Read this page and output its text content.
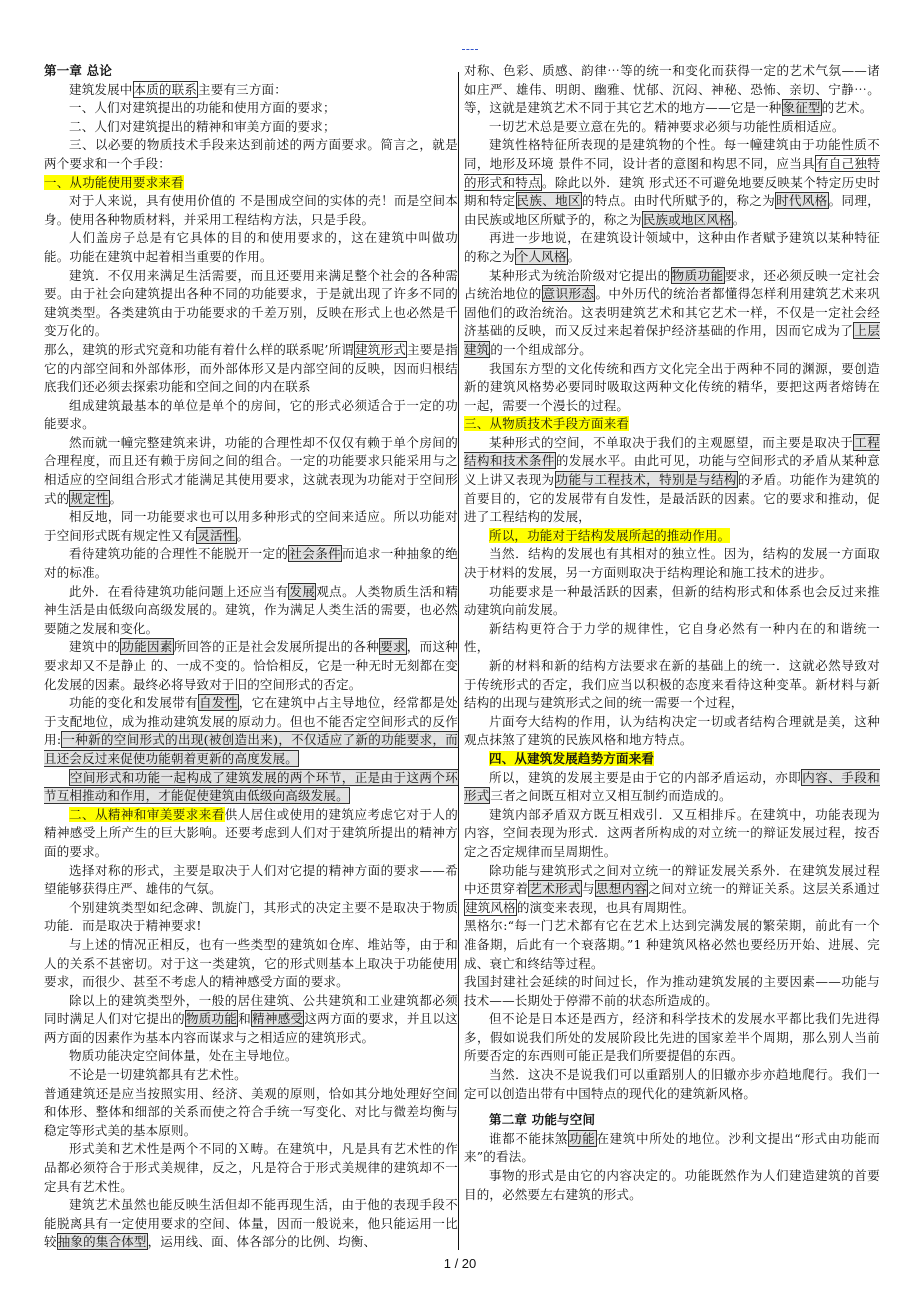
第一章 总论

建筑发展中本质的联系主要有三方面：

一、人们对建筑提出的功能和使用方面的要求；

二、人们对建筑提出的精神和审美方面的要求；

三、以必要的物质技术手段来达到前述的两方面要求。简言之，就是两个要求和一个手段：

一、从功能使用要求来看

对于人来说，具有使用价值的 不是围成空间的实体的壳！而是空间本身。使用各种物质材料，并采用工程结构方法，只是手段。

人们盖房子总是有它具体的目的和使用要求的，这在建筑中叫做功能。功能在建筑中起着相当重要的作用。

建筑．不仅用来满足生活需要，而且还要用来满足整个社会的各种需要。由于社会向建筑提出各种不同的功能要求，于是就出现了许多不同的建筑类型。各类建筑由于功能要求的千差万别，反映在形式上也必然是千变万化的。

那么，建筑的形式究竟和功能有着什么样的联系呢’所谓建筑形式主要是指它的内部空间和外部体形，而外部体形又是内部空间的反映，因而归根结底我们还必须去探索功能和空间之间的内在联系

组成建筑最基本的单位是单个的房间，它的形式必须适合于一定的功能要求。

然而就一幢完整建筑来讲，功能的合理性却不仅仅有赖于单个房间的合理程度，而且还有赖于房间之间的组合。一定的功能要求只能采用与之相适应的空间组合形式才能满足其使用要求，这就表现为功能对于空间形式的规定性。

相反地，同一功能要求也可以用多种形式的空间来适应。所以功能对于空间形式既有规定性又有灵活性。

看待建筑功能的合理性不能脱开一定的社会条件而追求一种抽象的绝对的标准。

此外．在看待建筑功能问题上还应当有发展观点。人类物质生活和精神生活是由低级向高级发展的。建筑，作为满足人类生活的需要，也必然要随之发展和变化。

建筑中的功能因素所回答的正是社会发展所提出的各种要求，而这种要求却又不是静止 的、一成不变的。恰恰相反，它是一种无时无刻都在变化发展的因素。最终必将导致对于旧的空间形式的否定。

功能的变化和发展带有自发性，它在建筑中占主导地位，经常都是处于支配地位，成为推动建筑发展的原动力。但也不能否定空间形式的反作用:一种新的空间形式的出现(被创造出来)，不仅适应了新的功能要求，而且还会反过来促使功能朝着更新的高度发展。

空间形式和功能一起构成了建筑发展的两个环节，正是由于这两个环节互相推动和作用，才能促使建筑由低级向高级发展。

二、从精神和审美要求来看供人居住或使用的建筑应考虑它对于人的精神感受上所产生的巨大影响。还要考虑到人们对于建筑所提出的精神方面的要求。

选择对称的形式，主要是取决于人们对它提的精神方面的要求——希望能够获得庄严、雄伟的气氛。

个别建筑类型如纪念碑、凯旋门，其形式的决定主要不是取决于物质功能．而是取决于精神要求!

与上述的情况正相反，也有一些类型的建筑如仓库、堆站等，由于和人的关系不甚密切。对于这一类建筑，它的形式则基本上取决于功能使用要求，而很少、甚至不考虑人的精神感受方面的要求。

除以上的建筑类型外，一般的居住建筑、公共建筑和工业建筑都必须同时满足人们对它提出的物质功能和精神感受这两方面的要求，并且以这两方面的因素作为基本内容而谋求与之相适应的建筑形式。

物质功能决定空间体量，处在主导地位。

不论是一切建筑都具有艺术性。

普通建筑还是应当按照实用、经济、美观的原则，恰如其分地处理好空间和体形、整体和细部的关系而使之符合手统一写变化、对比与微差均衡与稳定等形式美的基本原则。

形式美和艺术性是两个不同的Ｘ畴。在建筑中，凡是具有艺术性的作品都必须符合于形式美规律，反之，凡是符合于形式美规律的建筑却不一定具有艺术性。

建筑艺术虽然也能反映生活但却不能再现生活，由于他的表现手段不能脱离具有一定使用要求的空间、体量，因而一般说来，他只能运用一比较抽象的集合体型，运用线、面、体各部分的比例、均衡、

对称、色彩、质感、韵律⋯等的统一和变化而获得一定的艺术气氛——诸如庄严、雄伟、明朗、幽雅、忧郁、沉闷、神秘、恐怖、亲切、宁静⋯。等，这就是建筑艺术不同于其它艺术的地方——它是一种象征型的艺术。

一切艺术总是要立意在先的。精神要求必须与功能性质相适应。

建筑性格特征所表现的是建筑物的个性。每一幢建筑由于功能性质不同，地形及环境 景件不同，设计者的意图和构思不同，应当具有自己独特的形式和特点。除此以外．建筑 形式还不可避免地要反映某个特定历史时期和特定民族、地区的特点。由时代所赋予的，称之为时代风格。同理，由民族或地区所赋予的，称之为民族或地区风格。

再进一步地说，在建筑设计领域中，这种由作者赋予建筑以某种特征的称之为个人风格。

某种形式为统治阶级对它提出的物质功能要求，还必须反映一定社会占统治地位的意识形态。中外历代的统治者都懂得怎样利用建筑艺术来巩固他们的政治统治。这表明建筑艺术和其它艺术一样，不仅是一定社会经济基础的反映，而又反过来起着保护经济基础的作用，因而它成为了上层建筑的一个组成部分。

我国东方型的文化传统和西方文化完全出于两种不同的渊源，要创造新的建筑风格势必要同时吸取这两种文化传统的精华，要把这两者熔铸在一起，需要一个漫长的过程。

三、从物质技术手段方面来看

某种形式的空间，不单取决于我们的主观愿望，而主要是取决于工程结构和技术条件的发展水平。由此可见，功能与空间形式的矛盾从某种意义上讲又表现为功能与工程技术，特别是与结构的矛盾。功能作为建筑的首要目的，它的发展带有自发性，是最活跃的因素。它的要求和推动，促进了工程结构的发展，

所以，功能对于结构发展所起的推动作用。

当然．结构的发展也有其相对的独立性。因为，结构的发展一方面取决于材料的发展，另一方面则取决于结构理论和施工技术的进步。

功能要求是一种最活跃的因素，但新的结构形式和体系也会反过来推动建筑向前发展。

新结构更符合于力学的规律性，它自身必然有一种内在的和谐统一性，

新的材料和新的结构方法要求在新的基础上的统一．这就必然导致对于传统形式的否定，我们应当以积极的态度来看待这种变革。新材料与新结构的出现与建筑形式之间的统一需要一个过程，

片面夸大结构的作用，认为结构决定一切或者结构合理就是美，这种观点抹煞了建筑的民族风格和地方特点。

四、从建筑发展趋势方面来看

所以，建筑的发展主要是由于它的内部矛盾运动，亦即内容、手段和形式三者之间既互相对立又相互制约而造成的。

建筑内部矛盾双方既互相戏引．又互相排斥。在建筑中，功能表现为内容，空间表现为形式．这两者所构成的对立统一的辩证发展过程，按否定之否定规律而呈周期性。

除功能与建筑形式之间对立统一的辩证发展关系外．在建筑发展过程中还贯穿着艺术形式与思想内容之间对立统一的辩证关系。这层关系通过建筑风格的演变来表现，也具有周期性。

黑格尔:“每一门艺术都有它在艺术上达到完满发展的繁荣期，前此有一个准备期，后此有一个衰落期。”1 种建筑风格必然也要经历开始、进展、完成、衰亡和终结等过程。

我国封建社会延续的时间过长，作为推动建筑发展的主要因素——功能与技术——长期处于停滞不前的状态所造成的。

但不论是日本还是西方，经济和科学技术的发展水平都比我们先进得多，假如说我们所处的发展阶段比先进的国家差半个周期，那么别人当前所要否定的东西则可能正是我们所要提倡的东西。

当然．这决不是说我们可以重蹈别人的旧辙亦步亦趋地爬行。我们一定可以创造出带有中国特点的现代化的建筑新风格。

第二章 功能与空间

谁都不能抹煞功能在建筑中所处的地位。沙利文提出“形式由功能而来”的看法。

事物的形式是由它的内容决定的。功能既然作为人们建造建筑的首要目的，必然要左右建筑的形式。

1 / 20
